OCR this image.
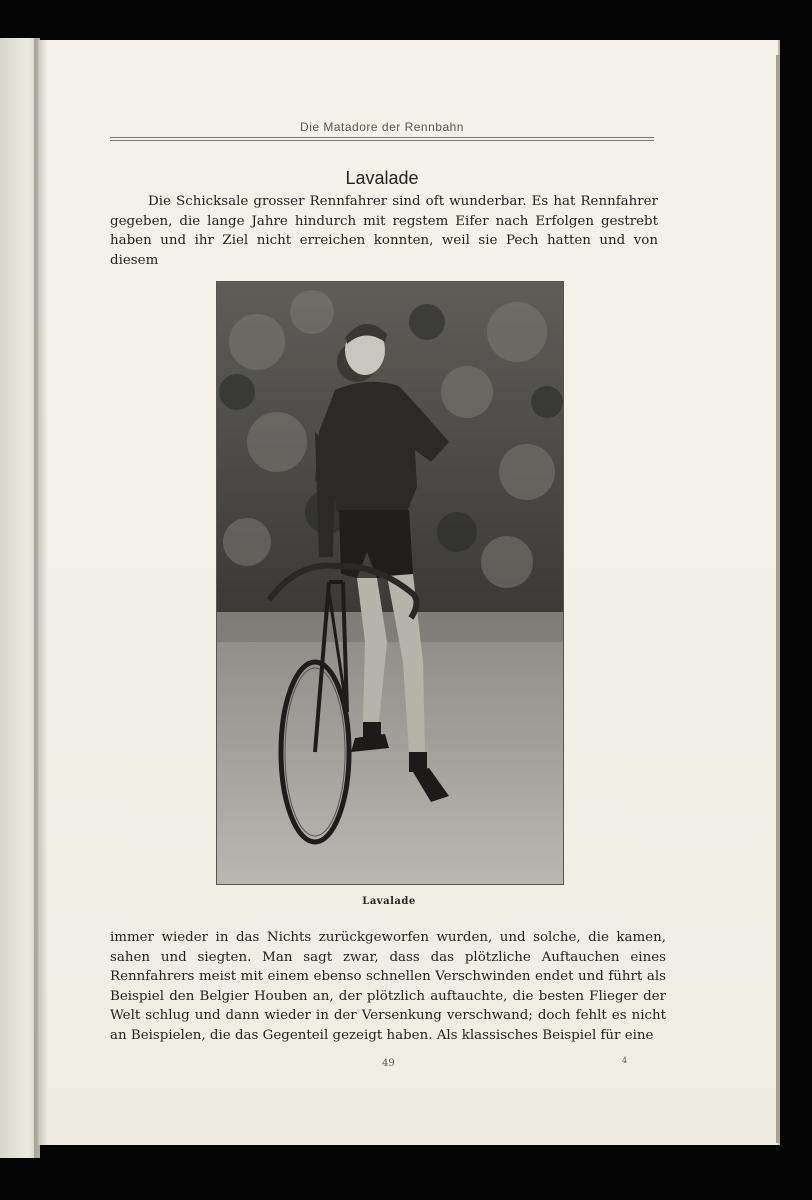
Die Matadore der Rennbahn
Lavalade

Die Schicksale grosser Rennfahrer sind oft wunderbar. Es hat Rennfahrer gegeben, die lange Jahre hindurch mit regstem Eifer nach Erfolgen gestrebt haben und ihr Ziel nicht erreichen konnten, weil sie Pech hatten und von diesem

Lavalade

immer wieder in das Nichts zurückgeworfen wurden, und solche, die kamen, sahen und siegten. Man sagt zwar, dass das plötzliche Auftauchen eines Rennfahrers meist mit einem ebenso schnellen Verschwinden endet und führt als Beispiel den Belgier Houben an, der plötzlich auftauchte, die besten Flieger der Welt schlug und dann wieder in der Versenkung verschwand; doch fehlt es nicht an Beispielen, die das Gegenteil gezeigt haben. Als klassisches Beispiel für eine

49	4
